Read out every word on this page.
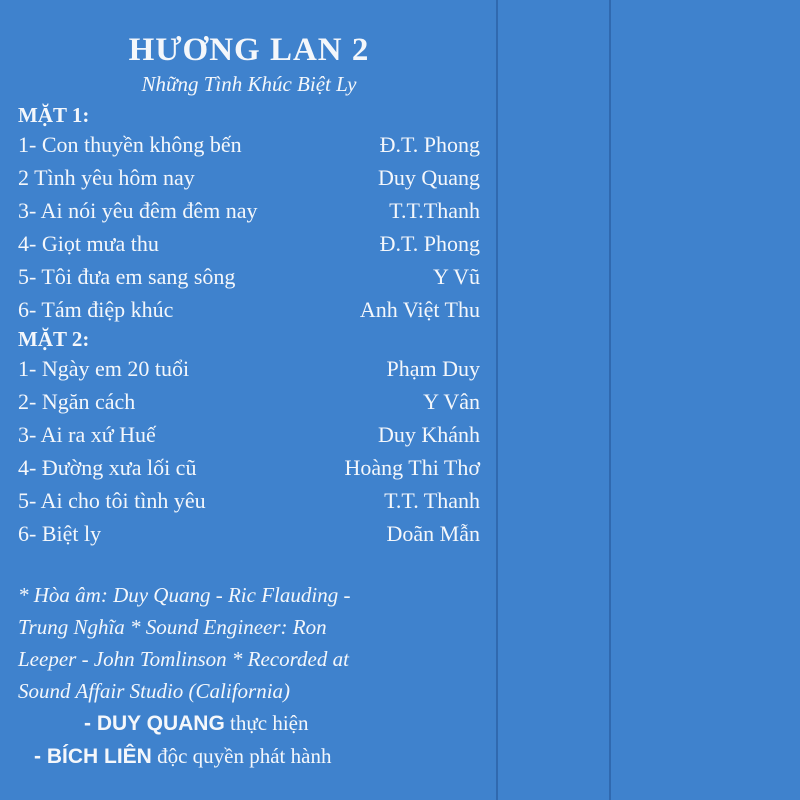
HƯƠNG LAN 2

Những Tình Khúc Biệt Ly

MẶT 1:

1- Con thuyền không bến	Đ.T. Phong
2 Tình yêu hôm nay	Duy Quang
3- Ai nói yêu đêm đêm nay	T.T.Thanh
4- Giọt mưa thu	Đ.T. Phong
5- Tôi đưa em sang sông	Y Vũ
6- Tám điệp khúc	Anh Việt Thu

MẶT 2:

1- Ngày em 20 tuổi	Phạm Duy
2- Ngăn cách	Y Vân
3- Ai ra xứ Huế	Duy Khánh
4- Đường xưa lối cũ	Hoàng Thi Thơ
5- Ai cho tôi tình yêu	T.T. Thanh
6- Biệt ly	Doãn Mẫn
* Hòa âm: Duy Quang - Ric Flauding -
Trung Nghĩa * Sound Engineer: Ron
Leeper - John Tomlinson * Recorded at
Sound Affair Studio (California)
- DUY QUANG thực hiện
- BÍCH LIÊN độc quyền phát hành
